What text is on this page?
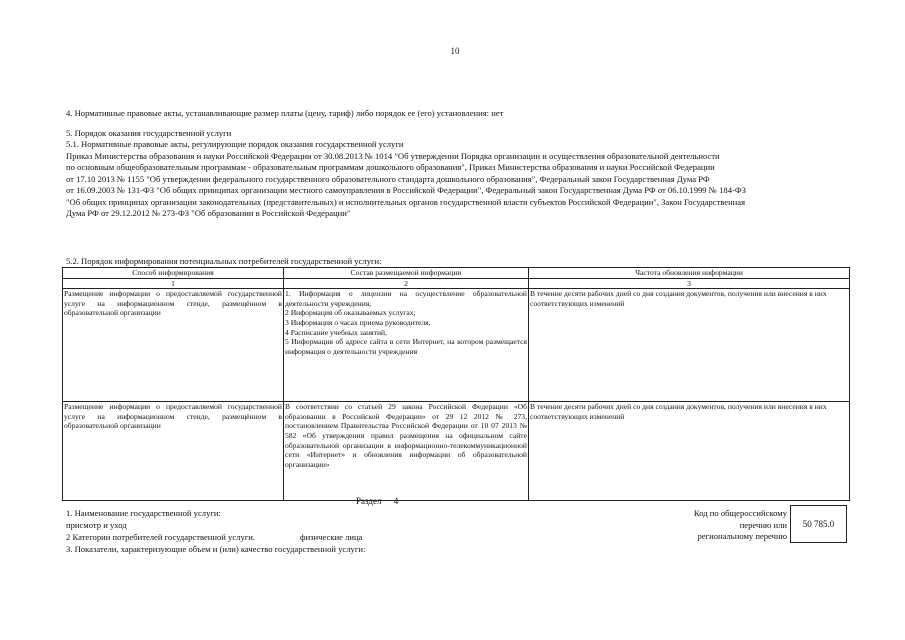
10
4. Нормативные правовые акты, устанавливающие размер платы (цену, тариф) либо порядок ее (его) установления: нет
5. Порядок оказания государственной услуги
5.1. Нормативные правовые акты, регулирующие порядок оказания государственной услуги
Приказ Министерства образования и науки Российской Федерации от 30.08.2013 № 1014 "Об утверждении Порядка организации и осуществления образовательной деятельности
по основным общеобразовательным программам - образовательным программам дошкольного образования", Приказ Министерства образования и науки Российской Федерации
от 17.10 2013 № 1155 "Об утверждении федерального государственного образовательного стандарта дошкольного образования", Федеральный закон Государственная Дума РФ
от 16.09.2003 № 131-ФЗ "Об общих принципах организации местного самоуправления в Российской Федерации", Федеральный закон Государственная Дума РФ от 06.10.1999 № 184-ФЗ
"Об общих принципах организации законодательных (представительных) и исполнительных органов государственной власти субъектов Российской Федерации", Закон Государственная
Дума РФ от 29.12.2012 № 273-ФЗ "Об образовании в Российской Федерации"
5.2. Порядок информирования потенциальных потребителей государственной услуги:
Способ информирования	Состав размещаемой информации	Частота обновления информации
1	2	3
Размещение информации о предоставляемой государственной услуге на информационном стенде, размещённом в образовательной организации	1. Информация о лицензии на осуществление образовательной деятельности учреждения,
2 Информация об оказываемых услугах;
3 Информация о часах приема руководителя,
4 Расписание учебных занятий,
5 Информация об адресе сайта в сети Интернет, на котором размещается информация о деятельности учреждения	В течение десяти рабочих дней со дня создания документов, получения или внесения в них соответствующих изменений
Размещение информации о предоставляемой государственной услуге на информационном стенде, размещённом в образовательной организации	В соответствии со статьей 29 закона Российской Федерации «Об образовании в Российской Федерации» от 29 12 2012 № 273, постановлением Правительства Российской Федерации от 10 07 2013 № 582 «Об утверждении правил размещения на официальном сайте образовательной организации в информационно-телекоммуникационной сети «Интернет» и обновления информации об образовательной организации»	В течение десяти рабочих дней со дня создания документов, получения или внесения в них соответствующих изменений
Раздел 4
1. Наименование государственной услуги:
присмотр и уход
2 Категории потребителей государственной услуги.	физические лица
3. Показатели, характеризующие объем и (или) качество государственной услуги:
Код по общероссийскому
перечню или
региональному перечню
50 785.0
